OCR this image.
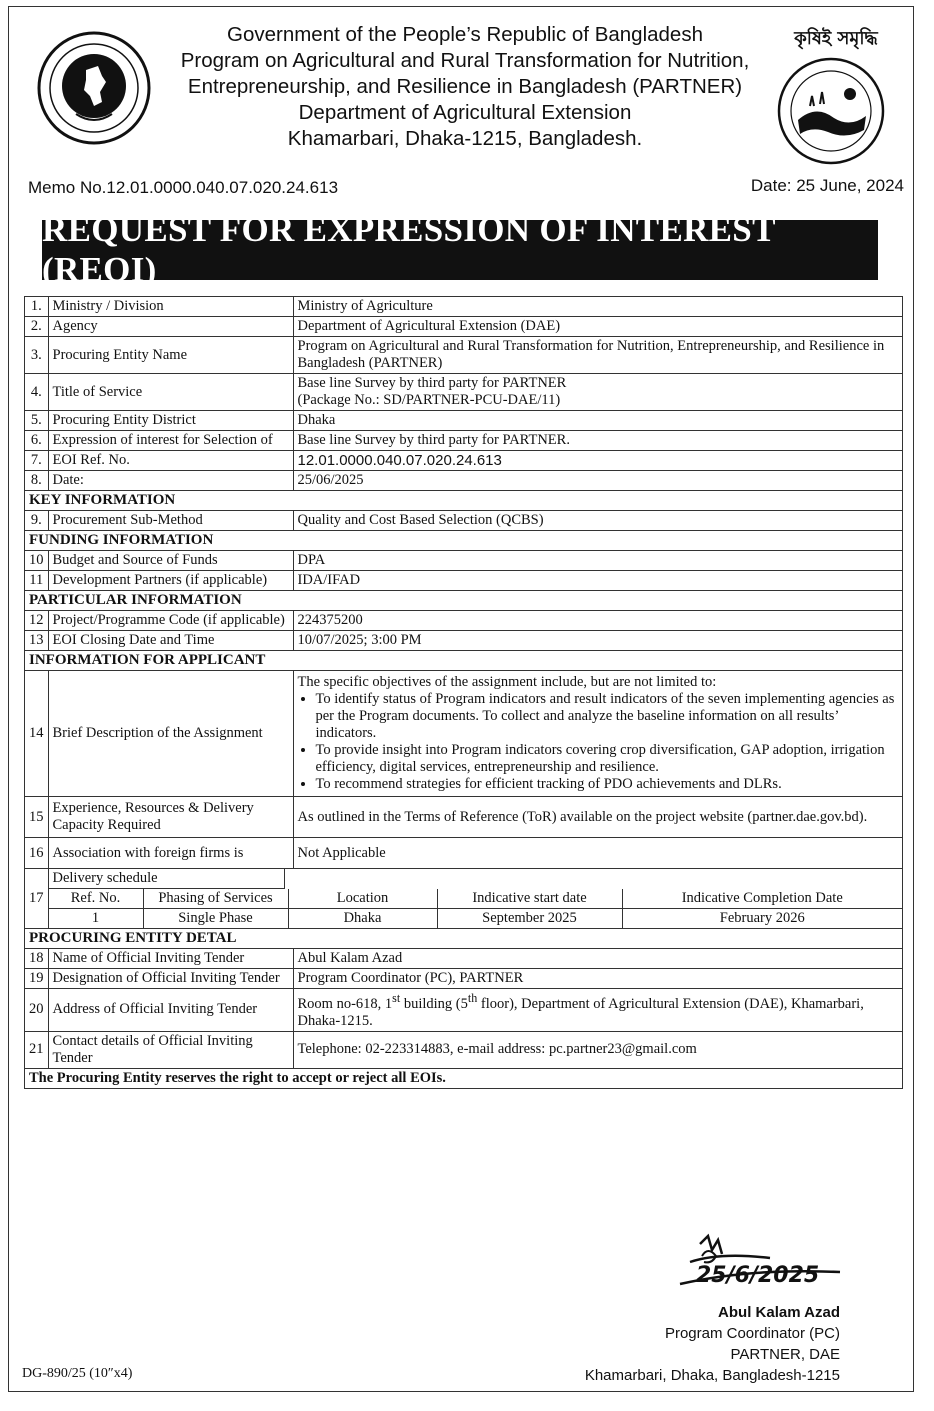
কৃষিই সমৃদ্ধি
Government of the People’s Republic of Bangladesh
Program on Agricultural and Rural Transformation for Nutrition,
Entrepreneurship, and Resilience in Bangladesh (PARTNER)
Department of Agricultural Extension
Khamarbari, Dhaka-1215, Bangladesh.
Memo No.12.01.0000.040.07.020.24.613	Date: 25 June, 2024
REQUEST FOR EXPRESSION OF INTEREST (REOI)
1.	Ministry / Division	Ministry of Agriculture
2.	Agency	Department of Agricultural Extension (DAE)
3.	Procuring Entity Name	Program on Agricultural and Rural Transformation for Nutrition, Entrepreneurship, and Resilience in Bangladesh (PARTNER)
4.	Title of Service	
Base line Survey by third party for PARTNER
(Package No.: SD/PARTNER-PCU-DAE/11)

5.	Procuring Entity District	Dhaka
6.	Expression of interest for Selection of	Base line Survey by third party for PARTNER.
7.	EOI Ref. No.	12.01.0000.040.07.020.24.613
8.	Date:	25/06/2025
KEY INFORMATION
9.	Procurement Sub-Method	Quality and Cost Based Selection (QCBS)
FUNDING INFORMATION
10	Budget and Source of Funds	DPA
11	Development Partners (if applicable)	IDA/IFAD
PARTICULAR INFORMATION
12	Project/Programme Code (if applicable)	224375200
13	EOI Closing Date and Time	10/07/2025; 3:00 PM
INFORMATION FOR APPLICANT
14	Brief Description of the Assignment	
The specific objectives of the assignment include, but are not limited to:
• To identify status of Program indicators and result indicators of the seven implementing agencies as per the Program documents. To collect and analyze the baseline information on all results’ indicators.
• To provide insight into Program indicators covering crop diversification, GAP adoption, irrigation efficiency, digital services, entrepreneurship and resilience.
• To recommend strategies for efficient tracking of PDO achievements and DLRs.

15	Experience, Resources & Delivery Capacity Required	As outlined in the Terms of Reference (ToR) available on the project website (partner.dae.gov.bd).
16	Association with foreign firms is	Not Applicable
17	
Delivery schedule
Ref. No.	Phasing of Services	Location	Indicative start date	Indicative Completion Date
1	Single Phase	Dhaka	September 2025	February 2026

PROCURING ENTITY DETAL
18	Name of Official Inviting Tender	Abul Kalam Azad
19	Designation of Official Inviting Tender	Program Coordinator (PC), PARTNER
20	Address of Official Inviting Tender	Room no-618, 1st building (5th floor), Department of Agricultural Extension (DAE), Khamarbari, Dhaka-1215.
21	Contact details of Official Inviting Tender	Telephone: 02-223314883, e-mail address: pc.partner23@gmail.com
The Procuring Entity reserves the right to accept or reject all EOIs.
25/6/2025
Abul Kalam Azad
Program Coordinator (PC)
PARTNER, DAE
Khamarbari, Dhaka, Bangladesh-1215
DG-890/25 (10″x4)
